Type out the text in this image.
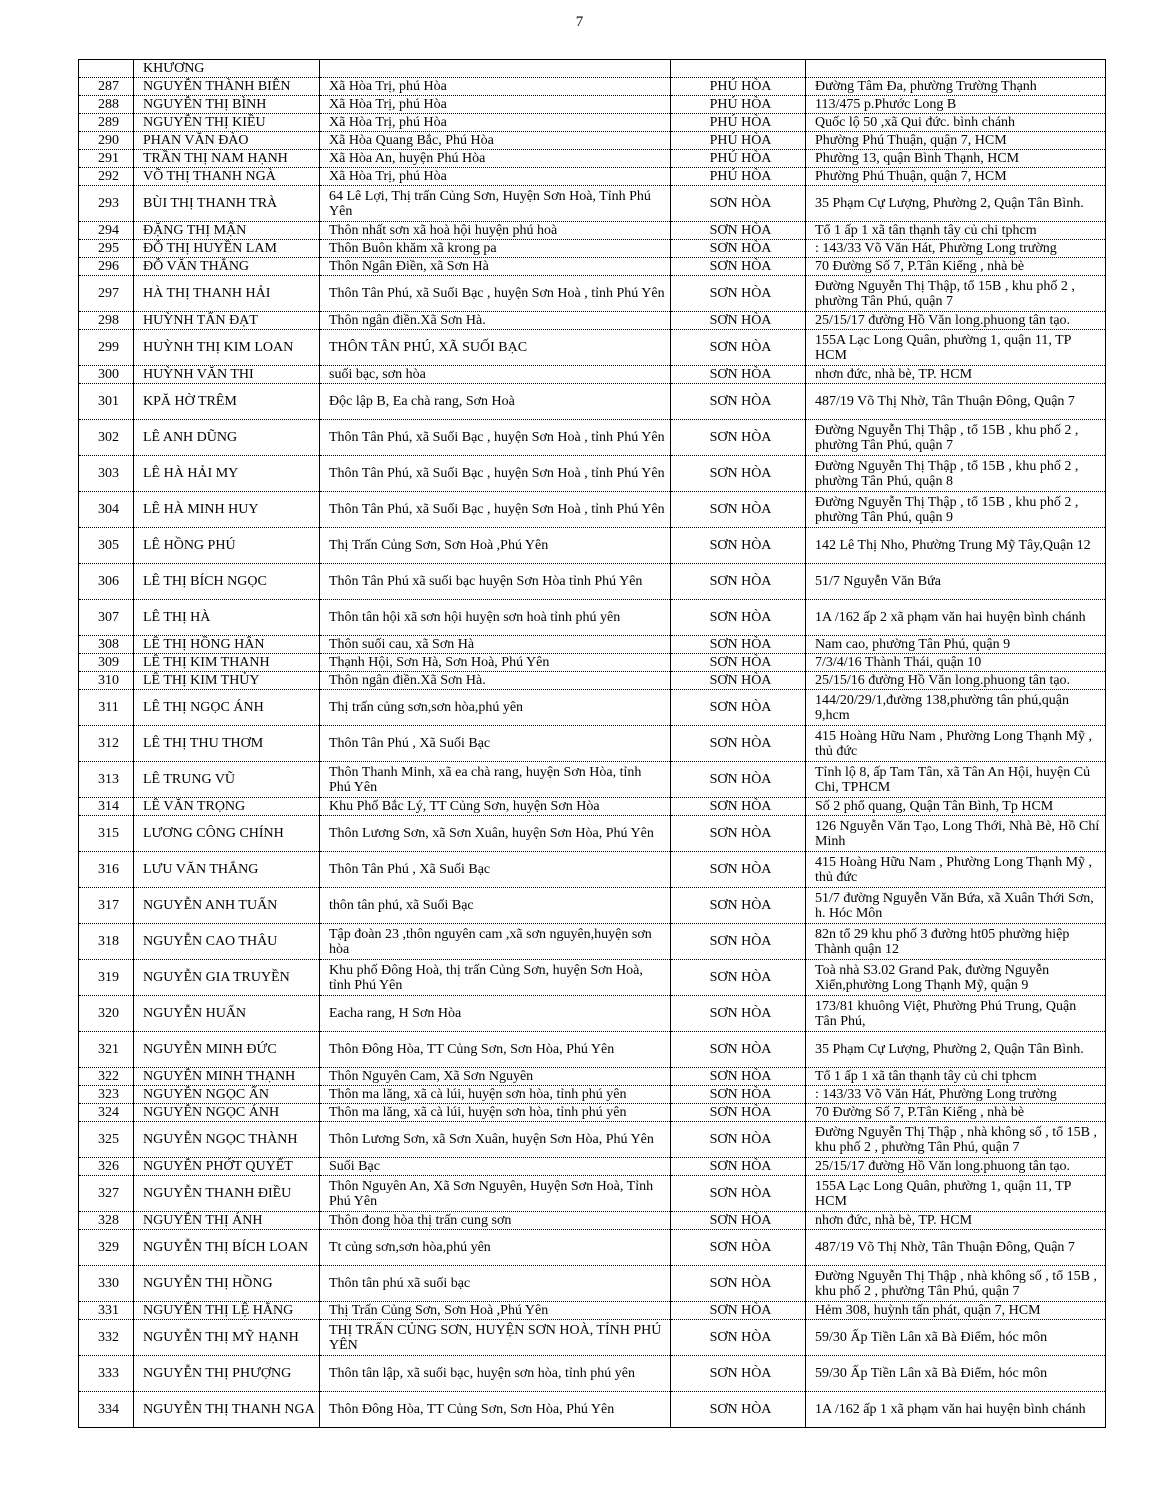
7
	KHƯƠNG			
287	NGUYỄN THÀNH BIÊN	Xã Hòa Trị, phú Hòa	PHÚ HÒA	Đường Tâm Đa, phường Trường Thạnh
288	NGUYỄN THỊ BÌNH	Xã Hòa Trị, phú Hòa	PHÚ HÒA	113/475 p.Phước Long B
289	NGUYỄN THỊ KIỀU	Xã Hòa Trị, phú Hòa	PHÚ HÒA	Quốc lộ 50 ,xã Qui đức. bình chánh
290	PHAN VĂN ĐÀO	Xã Hòa Quang Bắc, Phú Hòa	PHÚ HÒA	Phường Phú Thuận, quận 7, HCM
291	TRẦN THỊ NAM HẠNH	Xã Hòa An, huyện Phú Hòa	PHÚ HÒA	Phường 13, quận Bình Thạnh, HCM
292	VÕ THỊ THANH NGÀ	Xã Hòa Trị, phú Hòa	PHÚ HÒA	Phường Phú Thuận, quận 7, HCM
293	BÙI THỊ THANH TRÀ	64 Lê Lợi, Thị trấn Củng Sơn, Huyện Sơn Hoà, Tỉnh Phú Yên	SƠN HÒA	35 Phạm Cự Lượng, Phường 2, Quận Tân Bình.
294	ĐẶNG THỊ MẬN	Thôn nhất sơn xã hoà hội huyện phú hoà	SƠN HÒA	Tổ 1 ấp 1 xã tân thạnh tây củ chi tphcm
295	ĐỖ THỊ HUYỀN LAM	Thôn Buôn khăm xã krong pa	SƠN HÒA	: 143/33 Võ Văn Hát, Phường Long trường
296	ĐỖ VĂN THẮNG	Thôn Ngân Điền, xã Sơn Hà	SƠN HÒA	70 Đường Số 7, P.Tân Kiểng , nhà bè
297	HÀ THỊ THANH HẢI	Thôn Tân Phú, xã Suối Bạc , huyện Sơn Hoà , tỉnh Phú Yên	SƠN HÒA	Đường Nguyễn Thị Thập, tổ 15B , khu phố 2 , phường Tân Phú, quận 7
298	HUỲNH TẤN ĐẠT	Thôn ngân điền.Xã Sơn Hà.	SƠN HÒA	25/15/17 đường Hồ Văn long.phuong tân tạo.
299	HUỲNH THỊ KIM LOAN	THÔN TÂN PHÚ, XÃ SUỐI BẠC	SƠN HÒA	155A Lạc Long Quân, phường 1, quận 11, TP HCM
300	HUỲNH VĂN THI	suối bạc, sơn hòa	SƠN HÒA	nhơn đức, nhà bè, TP. HCM
301	KPĂ HỜ TRÊM	Độc lập B, Ea chà rang, Sơn Hoà	SƠN HÒA	487/19 Võ Thị Nhờ, Tân Thuận Đông, Quận 7
302	LÊ ANH DŨNG	Thôn Tân Phú, xã Suối Bạc , huyện Sơn Hoà , tỉnh Phú Yên	SƠN HÒA	Đường Nguyễn Thị Thập , tổ 15B , khu phố 2 , phường Tân Phú, quận 7
303	LÊ HÀ HẢI MY	Thôn Tân Phú, xã Suối Bạc , huyện Sơn Hoà , tỉnh Phú Yên	SƠN HÒA	Đường Nguyễn Thị Thập , tổ 15B , khu phố 2 , phường Tân Phú, quận 8
304	LÊ HÀ MINH HUY	Thôn Tân Phú, xã Suối Bạc , huyện Sơn Hoà , tỉnh Phú Yên	SƠN HÒA	Đường Nguyễn Thị Thập , tổ 15B , khu phố 2 , phường Tân Phú, quận 9
305	LÊ HỒNG PHÚ	Thị Trấn Củng Sơn, Sơn Hoà ,Phú Yên	SƠN HÒA	142 Lê Thị Nho, Phường Trung Mỹ Tây,Quận 12
306	LÊ THỊ BÍCH NGỌC	Thôn Tân Phú xã suối bạc huyện Sơn Hòa tỉnh Phú Yên	SƠN HÒA	51/7 Nguyễn Văn Bứa
307	LÊ THỊ HÀ	Thôn tân hội xã sơn hội huyện sơn hoà tỉnh phú yên	SƠN HÒA	1A /162 ấp 2 xã phạm văn hai huyện bình chánh
308	LÊ THỊ HỒNG HÂN	Thôn suối cau, xã Sơn Hà	SƠN HÒA	Nam cao, phường Tân Phú, quận 9
309	LÊ THỊ KIM THANH	Thạnh Hội, Sơn Hà, Sơn Hoà, Phú Yên	SƠN HÒA	7/3/4/16 Thành Thái, quận 10
310	LÊ THỊ KIM THỦY	Thôn ngân điền.Xã Sơn Hà.	SƠN HÒA	25/15/16 đường Hồ Văn long.phuong tân tạo.
311	LÊ THỊ NGỌC ÁNH	Thị trấn củng sơn,sơn hòa,phú yên	SƠN HÒA	144/20/29/1,đường 138,phường tân phú,quận 9,hcm
312	LÊ THỊ THU THƠM	Thôn Tân Phú , Xã Suối Bạc	SƠN HÒA	415 Hoàng Hữu Nam , Phường Long Thạnh Mỹ , thủ đức
313	LÊ TRUNG VŨ	Thôn Thanh Minh, xã ea chà rang, huyện Sơn Hòa, tỉnh Phú Yên	SƠN HÒA	Tỉnh lộ 8, ấp Tam Tân, xã Tân An Hội, huyện Củ Chi, TPHCM
314	LÊ VĂN TRỌNG	Khu Phố Bắc Lý, TT Củng Sơn, huyện Sơn Hòa	SƠN HÒA	Số 2 phổ quang, Quận Tân Bình, Tp HCM
315	LƯƠNG CÔNG CHÍNH	Thôn Lương Sơn, xã Sơn Xuân, huyện Sơn Hòa, Phú Yên	SƠN HÒA	126 Nguyễn Văn Tạo, Long Thới, Nhà Bè, Hồ Chí Minh
316	LƯU VĂN THẮNG	Thôn Tân Phú , Xã Suối Bạc	SƠN HÒA	415 Hoàng Hữu Nam , Phường Long Thạnh Mỹ , thủ đức
317	NGUYỄN ANH TUẤN	thôn tân phú, xã Suối Bạc	SƠN HÒA	51/7 đường Nguyễn Văn Bứa, xã Xuân Thới Sơn, h. Hóc Môn
318	NGUYỄN CAO THÂU	Tập đoàn 23 ,thôn nguyên cam ,xã sơn nguyên,huyện sơn hòa	SƠN HÒA	82n tổ 29 khu phố 3 đường ht05 phường hiệp Thành quận 12
319	NGUYỄN GIA TRUYỀN	Khu phố Đông Hoà, thị trấn Củng Sơn, huyện Sơn Hoà, tỉnh Phú Yên	SƠN HÒA	Toà nhà S3.02 Grand Pak, đường Nguyễn Xiển,phường Long Thạnh Mỹ, quận 9
320	NGUYỄN HUẤN	Eacha rang, H Sơn Hòa	SƠN HÒA	173/81 khuông Việt, Phường Phú Trung, Quận Tân Phú,
321	NGUYỄN MINH ĐỨC	Thôn Đông Hòa, TT Củng Sơn, Sơn Hòa, Phú Yên	SƠN HÒA	35 Phạm Cự Lượng, Phường 2, Quận Tân Bình.
322	NGUYỄN MINH THẠNH	Thôn Nguyên Cam, Xã Sơn Nguyên	SƠN HÒA	Tổ 1 ấp 1 xã tân thạnh tây củ chi tphcm
323	NGUYỄN NGỌC ẨN	Thôn ma lăng, xã cà lúi, huyện sơn hòa, tỉnh phú yên	SƠN HÒA	: 143/33 Võ Văn Hát, Phường Long trường
324	NGUYỄN NGỌC ÁNH	Thôn ma lăng, xã cà lúi, huyện sơn hòa, tỉnh phú yên	SƠN HÒA	70 Đường Số 7, P.Tân Kiểng , nhà bè
325	NGUYỄN NGỌC THÀNH	Thôn Lương Sơn, xã Sơn Xuân, huyện Sơn Hòa, Phú Yên	SƠN HÒA	Đường Nguyễn Thị Thập , nhà không số , tổ 15B , khu phố 2 , phường Tân Phú, quận 7
326	NGUYỄN PHỚT QUYẾT	Suối Bạc	SƠN HÒA	25/15/17 đường Hồ Văn long.phuong tân tạo.
327	NGUYỄN THANH ĐIỀU	Thôn Nguyên An, Xã Sơn Nguyên, Huyện Sơn Hoà, Tỉnh Phú Yên	SƠN HÒA	155A Lạc Long Quân, phường 1, quận 11, TP HCM
328	NGUYỄN THỊ ÁNH	Thôn đong hòa thị trấn cung sơn	SƠN HÒA	nhơn đức, nhà bè, TP. HCM
329	NGUYỄN THỊ BÍCH LOAN	Tt củng sơn,sơn hòa,phú yên	SƠN HÒA	487/19 Võ Thị Nhờ, Tân Thuận Đông, Quận 7
330	NGUYỄN THỊ HỒNG	Thôn tân phú xã suối bạc	SƠN HÒA	Đường Nguyễn Thị Thập , nhà không số , tổ 15B , khu phố 2 , phường Tân Phú, quận 7
331	NGUYỄN THỊ LỆ HẰNG	Thị Trấn Củng Sơn, Sơn Hoà ,Phú Yên	SƠN HÒA	Hẻm 308, huỳnh tấn phát, quận 7, HCM
332	NGUYỄN THỊ MỸ HẠNH	THỊ TRẤN CỦNG SƠN, HUYỆN SƠN HOÀ, TỈNH PHÚ YÊN	SƠN HÒA	59/30 Ấp Tiền Lân xã Bà Điểm, hóc môn
333	NGUYỄN THỊ PHƯỢNG	Thôn tân lập, xã suối bạc, huyện sơn hòa, tỉnh phú yên	SƠN HÒA	59/30 Ấp Tiền Lân xã Bà Điểm, hóc môn
334	NGUYỄN THỊ THANH NGA	Thôn Đông Hòa, TT Củng Sơn, Sơn Hòa, Phú Yên	SƠN HÒA	1A /162 ấp 1 xã phạm văn hai huyện bình chánh
